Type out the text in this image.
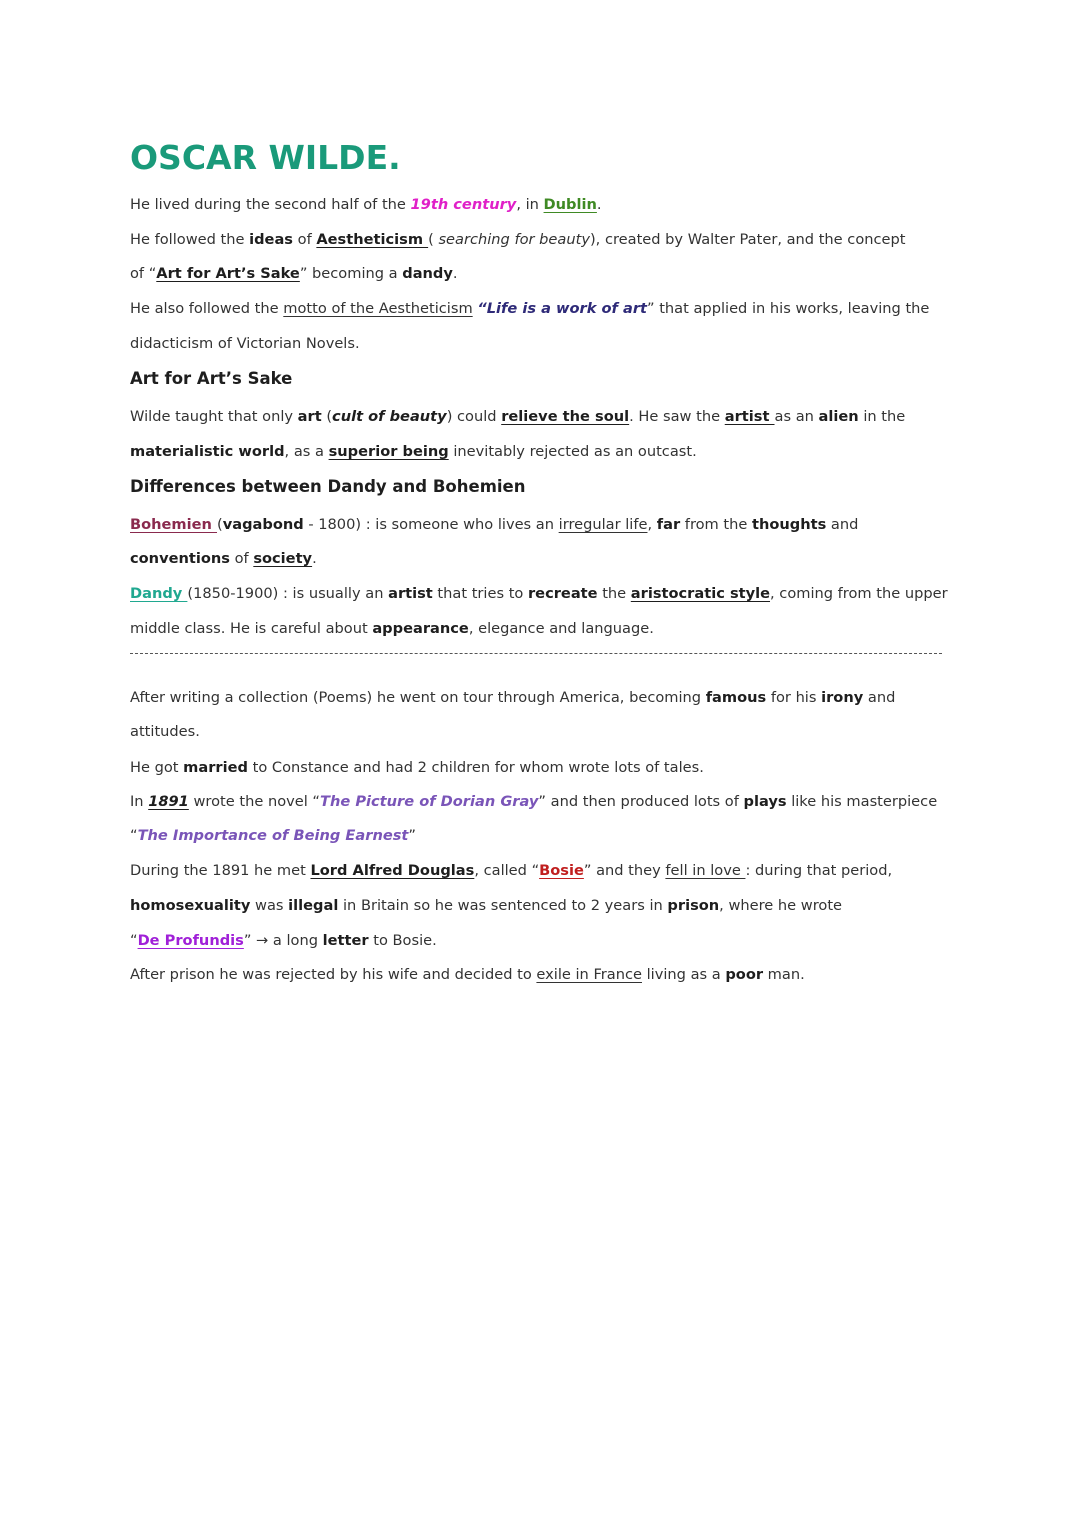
OSCAR WILDE.
He lived during the second half of the 19th century, in Dublin.
He followed the ideas of Aestheticism ( searching for beauty), created by Walter Pater, and the concept
of “Art for Art’s Sake” becoming a dandy.
He also followed the motto of the Aestheticism “Life is a work of art” that applied in his works, leaving the
didacticism of Victorian Novels.
Art for Art’s Sake
Wilde taught that only art (cult of beauty) could relieve the soul. He saw the artist as an alien in the
materialistic world, as a superior being inevitably rejected as an outcast.
Differences between Dandy and Bohemien
Bohemien (vagabond - 1800) : is someone who lives an irregular life, far from the thoughts and
conventions of society.
Dandy (1850-1900) : is usually an artist that tries to recreate the aristocratic style, coming from the upper
middle class. He is careful about appearance, elegance and language.
After writing a collection (Poems) he went on tour through America, becoming famous for his irony and
attitudes.
He got married to Constance and had 2 children for whom wrote lots of tales.
In 1891 wrote the novel “The Picture of Dorian Gray” and then produced lots of plays like his masterpiece
“The Importance of Being Earnest”
During the 1891 he met Lord Alfred Douglas, called “Bosie” and they fell in love : during that period,
homosexuality was illegal in Britain so he was sentenced to 2 years in prison, where he wrote
“De Profundis” → a long letter to Bosie.
After prison he was rejected by his wife and decided to exile in France living as a poor man.
